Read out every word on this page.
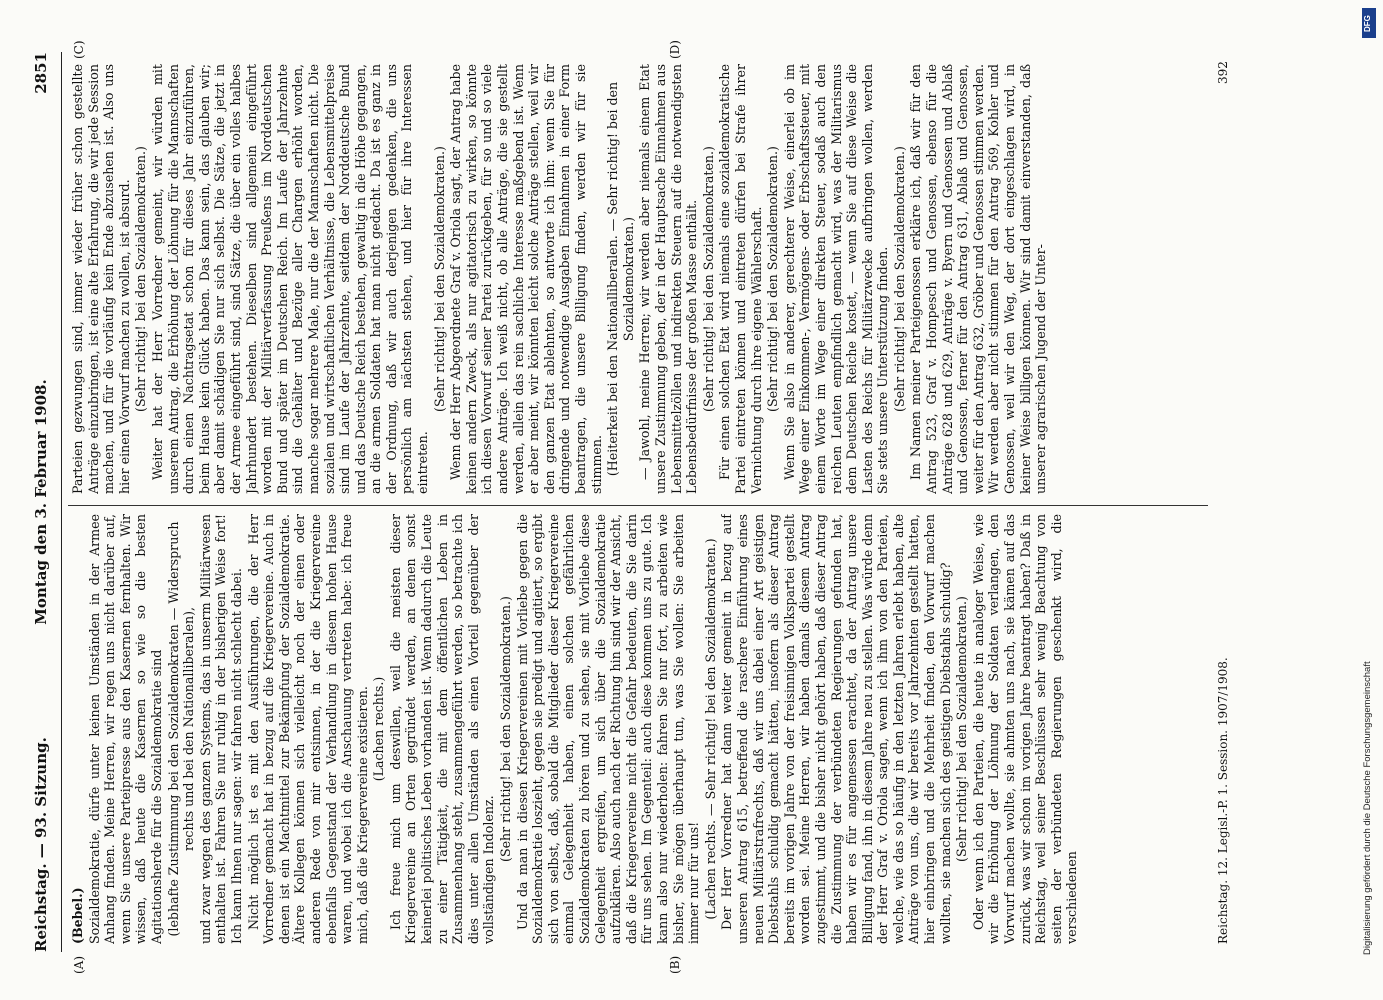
Reichstag. — 93. Sitzung.
Montag den 3. Februar 1908.
2851
(A)	(B)
(C)	(D)

(Bebel.) Sozialdemokratie, dürfe unter keinen Umständen in der Armee Anhang finden. Meine Herren, wir regen uns nicht darüber auf, wenn Sie unsere Parteipresse aus den Kasernen fernhalten. Wir wissen, daß heute die Kasernen so wie so die besten Agitationsherde für die Sozialdemokratie sind (lebhafte Zustimmung bei den Sozialdemokraten — Widerspruch rechts und bei den Nationalliberalen), und zwar wegen des ganzen Systems, das in unserm Militärwesen enthalten ist. Fahren Sie nur ruhig in der bisherigen Weise fort! Ich kann Ihnen nur sagen: wir fahren nicht schlecht dabei. Nicht möglich ist es mit den Ausführungen, die der Herr Vorredner gemacht hat in bezug auf die Kriegervereine. Auch in denen ist ein Machtmittel zur Bekämpfung der Sozialdemokratie. Ältere Kollegen können sich vielleicht noch der einen oder anderen Rede von mir entsinnen, in der die Kriegervereine ebenfalls Gegenstand der Verhandlung in diesem hohen Hause waren, und wobei ich die Anschauung vertreten habe: ich freue mich, daß die Kriegervereine existieren. (Lachen rechts.) Ich freue mich um deswillen, weil die meisten dieser Kriegervereine an Orten gegründet werden, an denen sonst keinerlei politisches Leben vorhanden ist. Wenn dadurch die Leute zu einer Tätigkeit, die mit dem öffentlichen Leben in Zusammenhang steht, zusammengeführt werden, so betrachte ich dies unter allen Umständen als einen Vorteil gegenüber der vollständigen Indolenz.

(Sehr richtig! bei den Sozialdemokraten.) Und da man in diesen Kriegervereinen mit Vorliebe gegen die Sozialdemokratie loszieht, gegen sie predigt und agitiert, so ergibt sich von selbst, daß, sobald die Mitglieder dieser Kriegervereine einmal Gelegenheit haben, einen solchen gefährlichen Sozialdemokraten zu hören und zu sehen, sie mit Vorliebe diese Gelegenheit ergreifen, um sich über die Sozialdemokratie aufzuklären. Also auch nach der Richtung hin sind wir der Ansicht, daß die Kriegervereine nicht die Gefahr bedeuten, die Sie darin für uns sehen. Im Gegenteil: auch diese kommen uns zu gute. Ich kann also nur wiederholen: fahren Sie nur fort, zu arbeiten wie bisher, Sie mögen überhaupt tun, was Sie wollen: Sie arbeiten immer nur für uns! (Lachen rechts. — Sehr richtig! bei den Sozialdemokraten.) Der Herr Vorredner hat dann weiter gemeint in bezug auf unseren Antrag 615, betreffend die raschere Einführung eines neuen Militärstrafrechts, daß wir uns dabei einer Art geistigen Diebstahls schuldig gemacht hätten, insofern als dieser Antrag bereits im vorigen Jahre von der freisinnigen Volkspartei gestellt worden sei. Meine Herren, wir haben damals diesem Antrag zugestimmt, und die bisher nicht gehört haben, daß dieser Antrag die Zustimmung der verbündeten Regierungen gefunden hat, haben wir es für angemessen erachtet, da der Antrag unsere Billigung fand, ihn in diesem Jahre neu zu stellen. Was würde denn der Herr Graf v. Oriola sagen, wenn ich ihm von den Parteien, welche, wie das so häufig in den letzten Jahren erlebt haben, alte Anträge von uns, die wir bereits vor Jahrzehnten gestellt hatten, hier einbringen und die Mehrheit finden, den Vorwurf machen wollten, sie machen sich des geistigen Diebstahls schuldig? (Sehr richtig! bei den Sozialdemokraten.) Oder wenn ich den Parteien, die heute in analoger Weise, wie wir die Erhöhung der Löhnung der Soldaten verlangen, den Vorwurf machen wollte, sie ahmten uns nach, sie kämen auf das zurück, was wir schon im vorigen Jahre beantragt haben? Daß in Reichstag, weil seiner Beschlüssen sehr wenig Beachtung von seiten der verbündeten Regierungen geschenkt wird, die verschiedenen

Parteien gezwungen sind, immer wieder früher schon gestellte Anträge einzubringen, ist eine alte Erfahrung, die wir jede Session machen, und für die vorläufig kein Ende abzusehen ist. Also uns hier einen Vorwurf machen zu wollen, ist absurd. (Sehr richtig! bei den Sozialdemokraten.) Weiter hat der Herr Vorredner gemeint, wir würden mit unserem Antrag, die Erhöhung der Löhnung für die Mannschaften durch einen Nachtragsetat schon für dieses Jahr einzuführen, beim Hause kein Glück haben. Das kann sein, das glauben wir; aber damit schädigen Sie nur sich selbst. Die Sätze, die jetzt in der Armee eingeführt sind, sind Sätze, die über ein volles halbes Jahrhundert bestehen. Dieselben sind allgemein eingeführt worden mit der Militärverfassung Preußens im Norddeutschen Bund und später im Deutschen Reich. Im Laufe der Jahrzehnte sind die Gehälter und Bezüge aller Chargen erhöht worden, manche sogar mehrere Male, nur die der Mannschaften nicht. Die sozialen und wirtschaftlichen Verhältnisse, die Lebensmittelpreise sind im Laufe der Jahrzehnte, seitdem der Norddeutsche Bund und das Deutsche Reich bestehen, gewaltig in die Höhe gegangen, an die armen Soldaten hat man nicht gedacht. Da ist es ganz in der Ordnung, daß wir auch derjenigen gedenken, die uns persönlich am nächsten stehen, und hier für ihre Interessen eintreten.

(Sehr richtig! bei den Sozialdemokraten.) Wenn der Herr Abgeordnete Graf v. Oriola sagt, der Antrag habe keinen andern Zweck, als nur agitatorisch zu wirken, so könnte ich diesen Vorwurf seiner Partei zurückgeben, für so und so viele andere Anträge. Ich weiß nicht, ob alle Anträge, die sie gestellt werden, allein das rein sachliche Interesse maßgebend ist. Wenn er aber meint, wir könnten leicht solche Anträge stellen, weil wir den ganzen Etat ablehnten, so antworte ich ihm: wenn Sie für dringende und notwendige Ausgaben Einnahmen in einer Form beantragen, die unsere Billigung finden, werden wir für sie stimmen. (Heiterkeit bei den Nationalliberalen. — Sehr richtig! bei den Sozialdemokraten.) — Jawohl, meine Herren; wir werden aber niemals einem Etat unsere Zustimmung geben, der in der Hauptsache Einnahmen aus Lebensmittelzöllen und indirekten Steuern auf die notwendigsten Lebensbedürfnisse der großen Masse enthält. (Sehr richtig! bei den Sozialdemokraten.) Für einen solchen Etat wird niemals eine sozialdemokratische Partei eintreten können und eintreten dürfen bei Strafe ihrer Vernichtung durch ihre eigene Wählerschaft. (Sehr richtig! bei den Sozialdemokraten.) Wenn Sie also in anderer, gerechterer Weise, einerlei ob im Wege einer Einkommen-, Vermögens- oder Erbschaftssteuer, mit einem Worte im Wege einer direkten Steuer, sodaß auch den reichen Leuten empfindlich gemacht wird, was der Militarismus dem Deutschen Reiche kostet, — wenn Sie auf diese Weise die Lasten des Reichs für Militärzwecke aufbringen wollen, werden Sie stets unsere Unterstützung finden. (Sehr richtig! bei den Sozialdemokraten.) Im Namen meiner Parteigenossen erkläre ich, daß wir für den Antrag 523, Graf v. Hompesch und Genossen, ebenso für die Anträge 628 und 629, Anträge v. Byern und Genossen und Ablaß und Genossen, ferner für den Antrag 631, Ablaß und Genossen, weiter für den Antrag 632, Gröber und Genossen stimmen werden. Wir werden aber nicht stimmen für den Antrag 569, Kohler und Genossen, weil wir den Weg, der dort eingeschlagen wird, in keiner Weise billigen können. Wir sind damit einverstanden, daß unserer agrarischen Jugend der Unter-

Reichstag. 12. Legisl.-P. 1. Session. 1907/1908.
392
Digitalisierung gefördert durch die Deutsche Forschungsgemeinschaft
DFG
